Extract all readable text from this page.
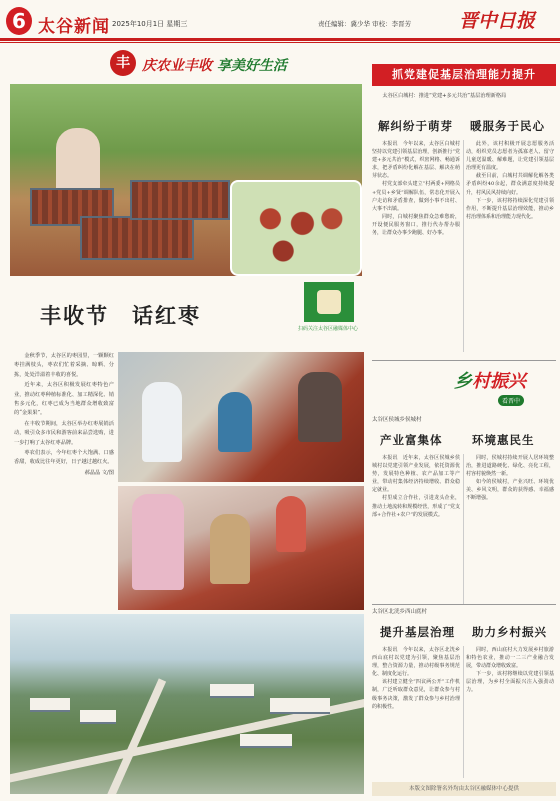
6 太谷新闻 2025年10月1日 星期三	责任编辑：冀少华 审校：李晋芳	晋中日报
丰 庆农业丰收 享美好生活
丰收节　话红枣
扫码关注太谷区融媒体中心

金秋季节，太谷区的枣园里，一颗颗红枣挂满枝头，枣农们忙着采摘、晾晒、分拣，处处洋溢着丰收的喜悦。

近年来，太谷区积极发展红枣特色产业，推动红枣种植标准化、加工精深化、销售多元化，红枣已成为当地群众增收致富的“金果果”。

在丰收节期间，太谷区举办红枣展销活动，吸引众多市民和游客前来品尝选购，进一步打响了太谷红枣品牌。

枣农们表示，今年红枣个大饱满、口感香甜，收成比往年更好，日子越过越红火。

郝晶晶 文/图

抓党建促基层治理能力提升
太谷区白城村：推进“党建+多元共治”基层治理新格局
解纠纷于萌芽 暖服务于民心

本报讯　今年以来，太谷区白城村坚持以党建引领基层治理，创新推行“党建+多元共治”模式，织密网格、畅通诉求，把矛盾纠纷化解在基层、解决在萌芽状态。

村党支部牵头建立“村两委+网格员+党员+乡贤”调解队伍，常态化开展入户走访和矛盾排查，做到小事不出村、大事不出镇。

同时，白城村聚焦群众急难愁盼，开设便民服务窗口，推行代办帮办服务，让群众办事少跑腿、好办事。

此外，该村积极开展志愿服务活动，组织党员志愿者为孤寡老人、留守儿童送温暖、解难题，让党建引领基层治理更有温度。

截至目前，白城村共调解化解各类矛盾纠纷40余起，群众满意度持续提升，村风民风持续向好。

下一步，该村将持续深化党建引领作用，不断提升基层治理效能，推动乡村治理体系和治理能力现代化。

乡村振兴
看晋中
太谷区侯城乡侯城村
产业富集体	环境惠民生

本报讯　近年来，太谷区侯城乡侯城村以党建引领产业发展，依托资源优势，发展特色种植、农产品加工等产业，带动村集体经济持续增收、群众稳定就业。

村里成立合作社，引进龙头企业，推动土地流转和规模经营，形成了“党支部+合作社+农户”的发展模式。

同时，侯城村持续开展人居环境整治，推进道路硬化、绿化、亮化工程，村容村貌焕然一新。

如今的侯城村，产业兴旺、环境优美、乡风文明，群众的获得感、幸福感不断增强。

太谷区北洸乡西山底村
提升基层治理 助力乡村振兴

本报讯　今年以来，太谷区北洸乡西山底村以党建为引领，聚焦基层治理，整合资源力量，推动村级事务规范化、制度化运行。

该村建立健全“四议两公开”工作机制，广泛听取群众意见，让群众参与村级事务决策，激发了群众参与乡村治理的积极性。

同时，西山底村大力发展乡村旅游和特色农业，推动一二三产业融合发展，带动群众增收致富。

下一步，该村将继续以党建引领基层治理，为乡村全面振兴注入强劲动力。

本版文图除署名外均由太谷区融媒体中心提供
